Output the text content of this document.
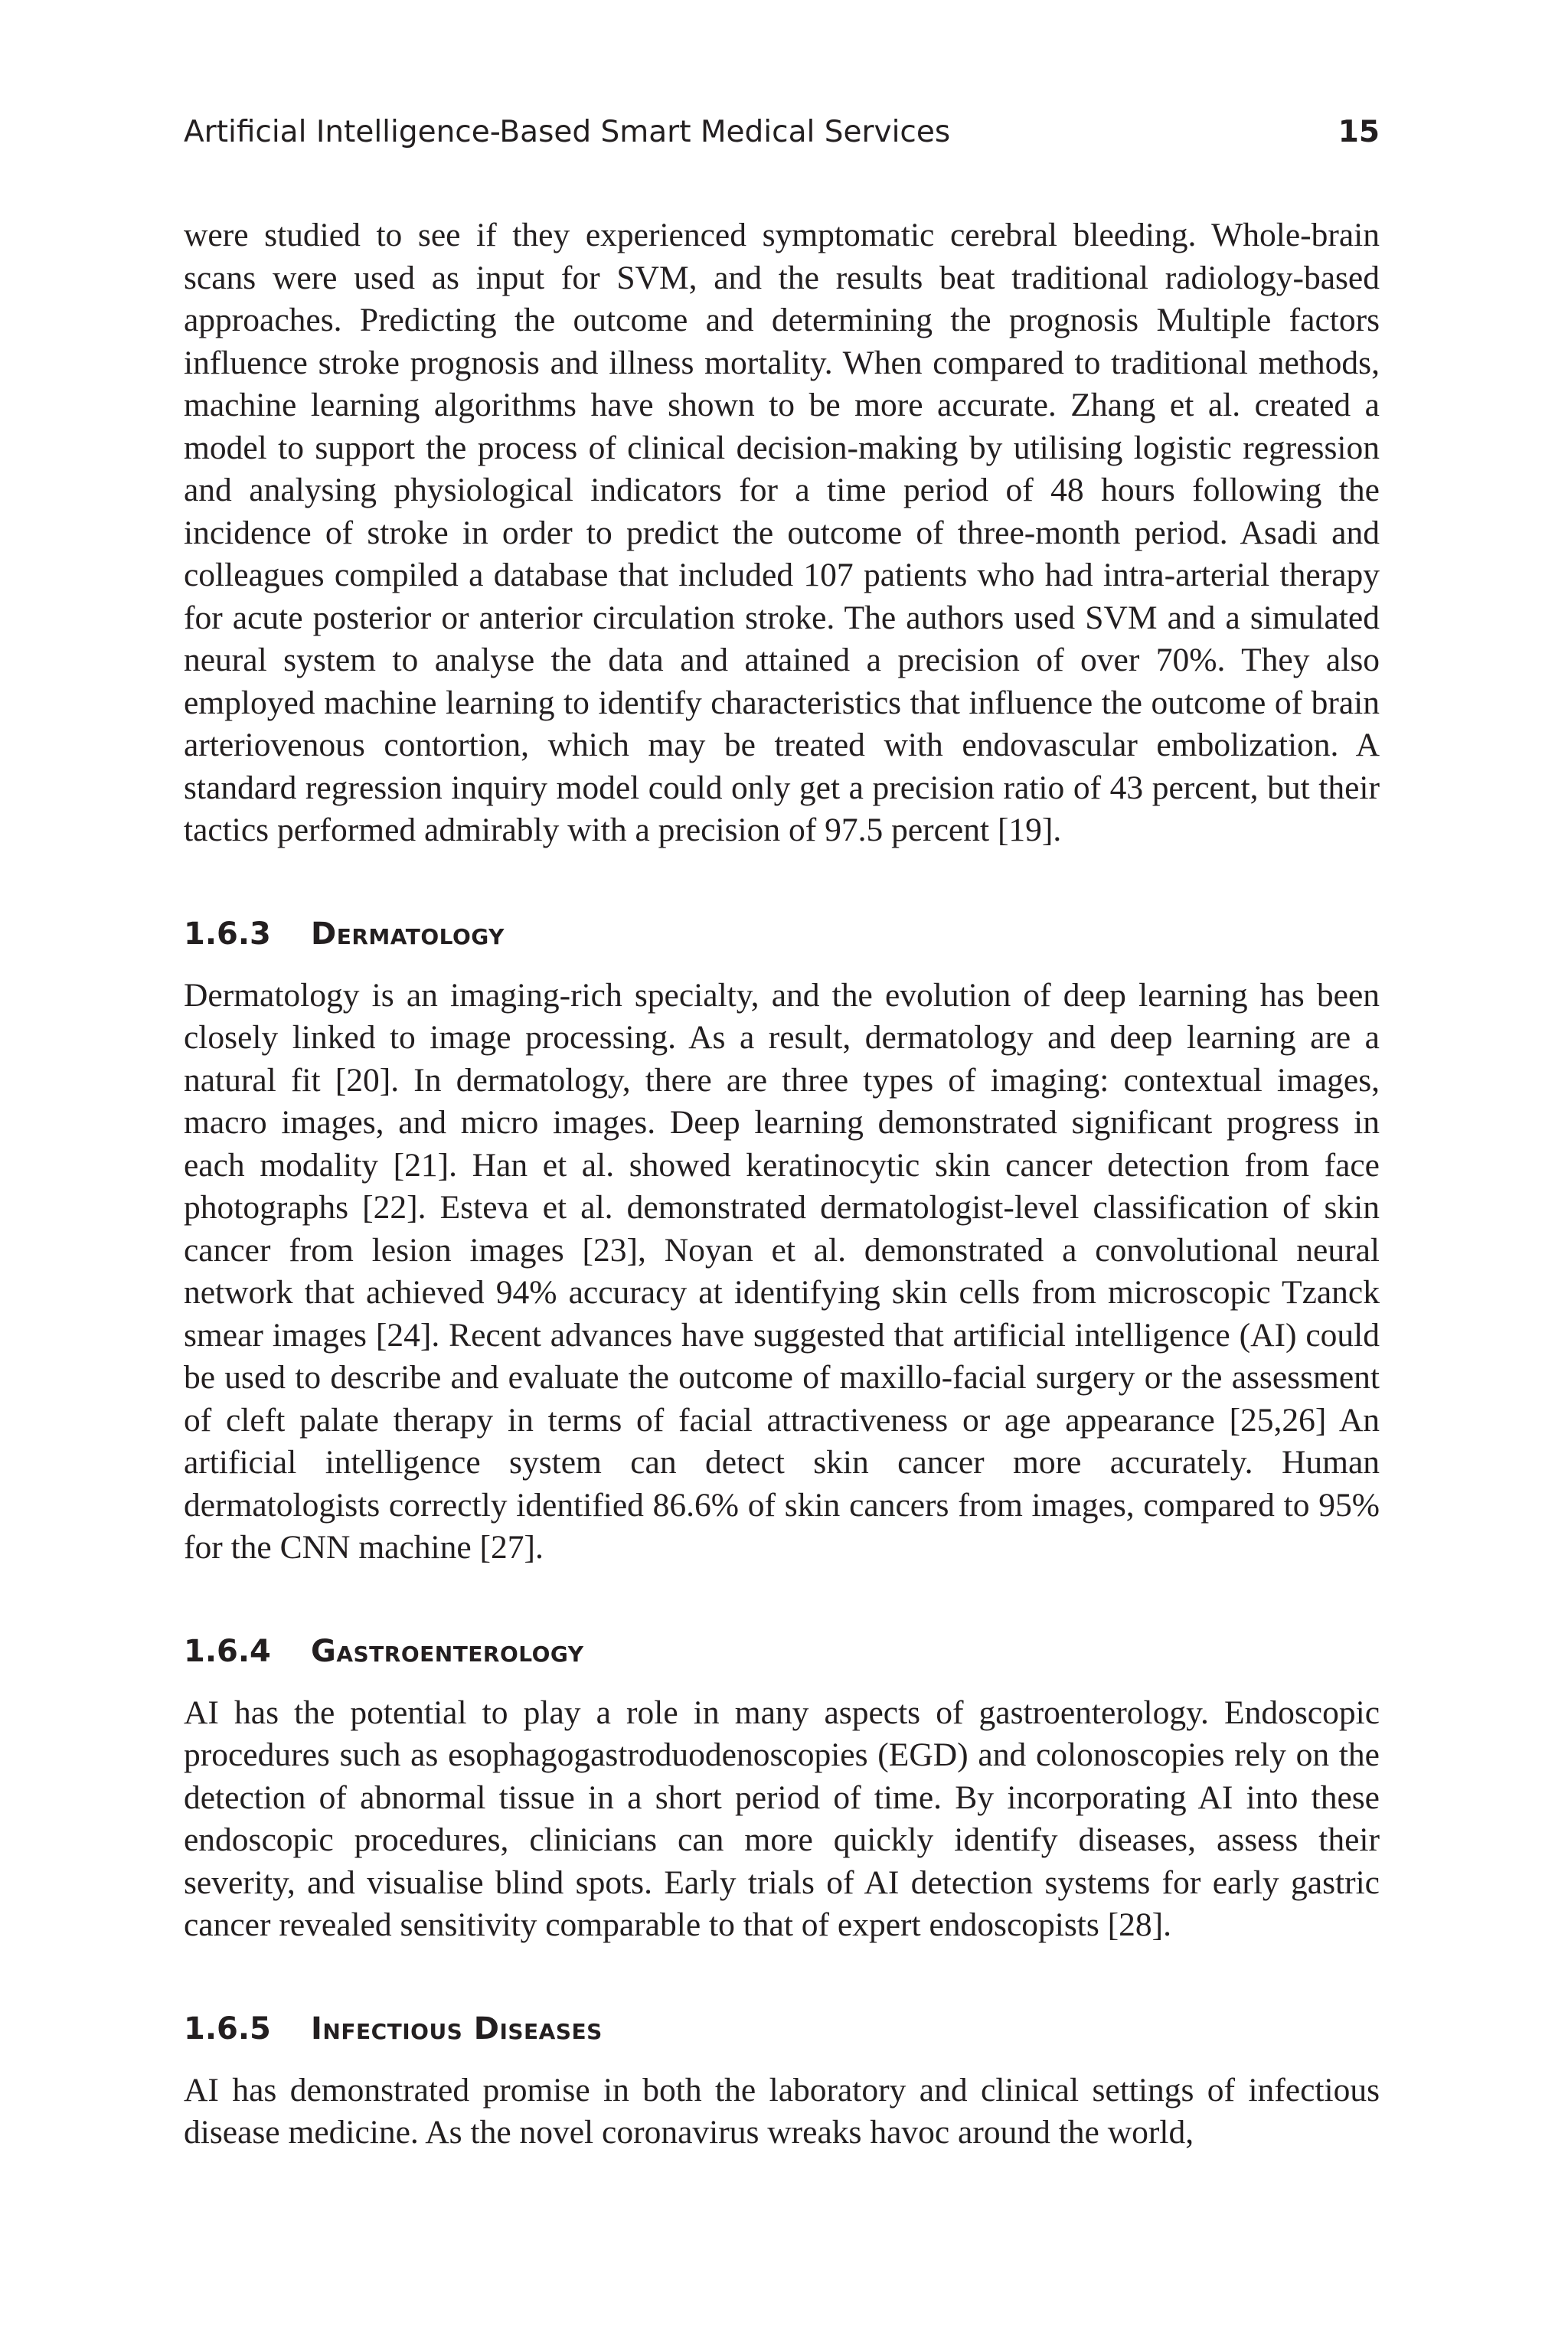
Artificial Intelligence-Based Smart Medical Services	15

were studied to see if they experienced symptomatic cerebral bleeding. Whole-brain scans were used as input for SVM, and the results beat traditional radiology-based approaches. Predicting the outcome and determining the prognosis Multiple factors influence stroke prognosis and illness mortality. When compared to traditional methods, machine learning algorithms have shown to be more accurate. Zhang et al. created a model to support the process of clinical decision-making by utilising logistic regression and analysing physiological indicators for a time period of 48 hours following the incidence of stroke in order to predict the outcome of three-month period. Asadi and colleagues compiled a database that included 107 patients who had intra-arterial therapy for acute posterior or anterior circulation stroke. The authors used SVM and a simulated neural system to analyse the data and attained a precision of over 70%. They also employed machine learning to identify characteristics that influence the outcome of brain arteriovenous contortion, which may be treated with endovascular embolization. A standard regression inquiry model could only get a precision ratio of 43 percent, but their tactics performed admirably with a precision of 97.5 percent [19].

1.6.3	Dermatology

Dermatology is an imaging-rich specialty, and the evolution of deep learning has been closely linked to image processing. As a result, dermatology and deep learning are a natural fit [20]. In dermatology, there are three types of imaging: contextual images, macro images, and micro images. Deep learning demonstrated significant progress in each modality [21]. Han et al. showed keratinocytic skin cancer detection from face photographs [22]. Esteva et al. demonstrated dermatologist-level classification of skin cancer from lesion images [23], Noyan et al. demonstrated a convolutional neural network that achieved 94% accuracy at identifying skin cells from microscopic Tzanck smear images [24]. Recent advances have suggested that artificial intelligence (AI) could be used to describe and evaluate the outcome of maxillo-facial surgery or the assessment of cleft palate therapy in terms of facial attractiveness or age appearance [25,26] An artificial intelligence system can detect skin cancer more accurately. Human dermatologists correctly identified 86.6% of skin cancers from images, compared to 95% for the CNN machine [27].

1.6.4	Gastroenterology

AI has the potential to play a role in many aspects of gastroenterology. Endoscopic procedures such as esophagogastroduodenoscopies (EGD) and colonoscopies rely on the detection of abnormal tissue in a short period of time. By incorporating AI into these endoscopic procedures, clinicians can more quickly identify diseases, assess their severity, and visualise blind spots. Early trials of AI detection systems for early gastric cancer revealed sensitivity comparable to that of expert endoscopists [28].

1.6.5	Infectious Diseases

AI has demonstrated promise in both the laboratory and clinical settings of infectious disease medicine. As the novel coronavirus wreaks havoc around the world,
